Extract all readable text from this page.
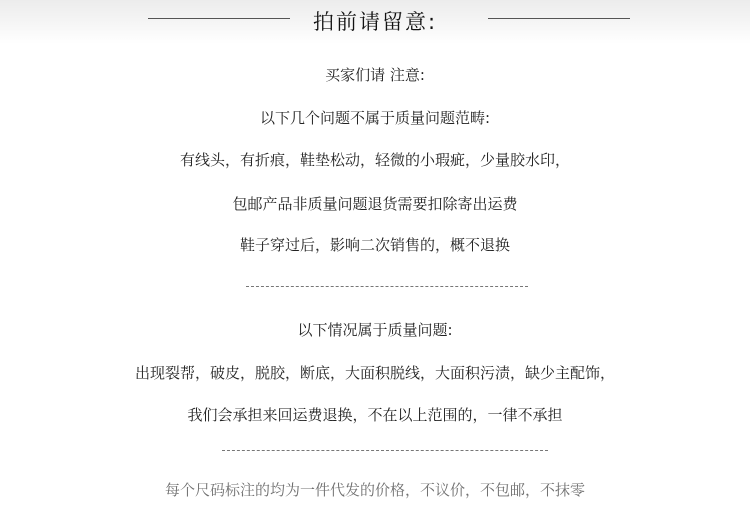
拍前请留意:
买家们请 注意:
以下几个问题不属于质量问题范畴:
有线头，有折痕，鞋垫松动，轻微的小瑕疵，少量胶水印，
包邮产品非质量问题退货需要扣除寄出运费
鞋子穿过后，影响二次销售的，概不退换
以下情况属于质量问题:
出现裂帮，破皮，脱胶，断底，大面积脱线，大面积污渍，缺少主配饰，
我们会承担来回运费退换，不在以上范围的，一律不承担
每个尺码标注的均为一件代发的价格，不议价，不包邮，不抹零
